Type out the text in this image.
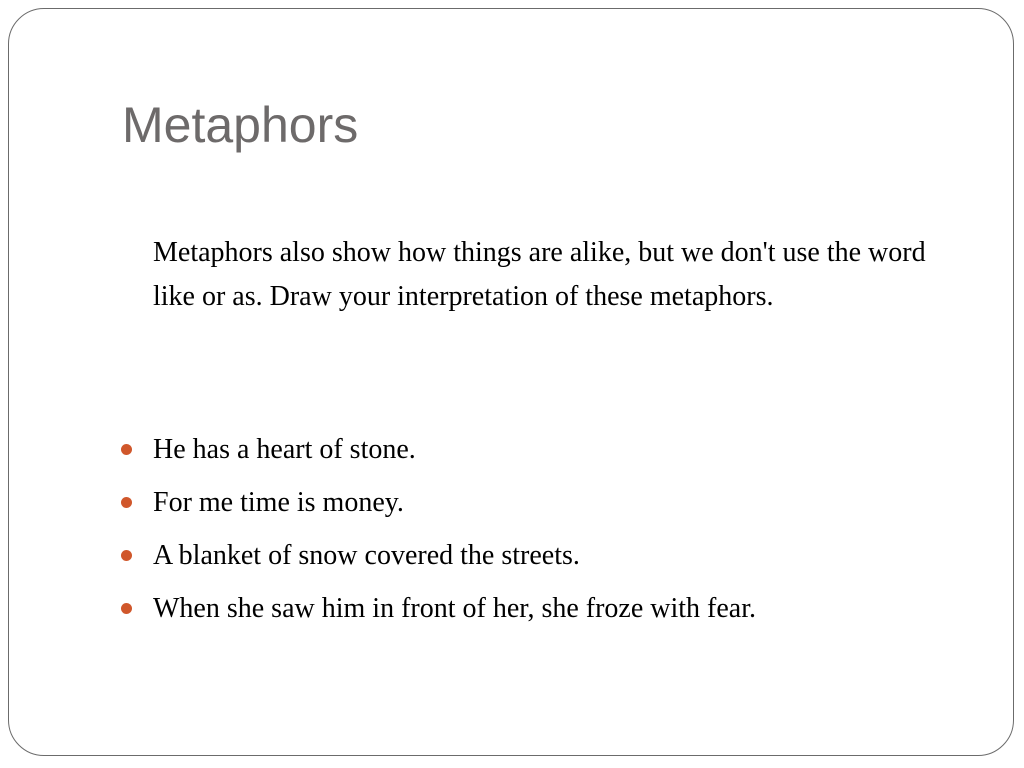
Metaphors

Metaphors also show how things are alike, but we don't use the word like or as. Draw your interpretation of these metaphors.

He has a heart of stone.
For me time is money.
A blanket of snow covered the streets.
When she saw him in front of her, she froze with fear.
